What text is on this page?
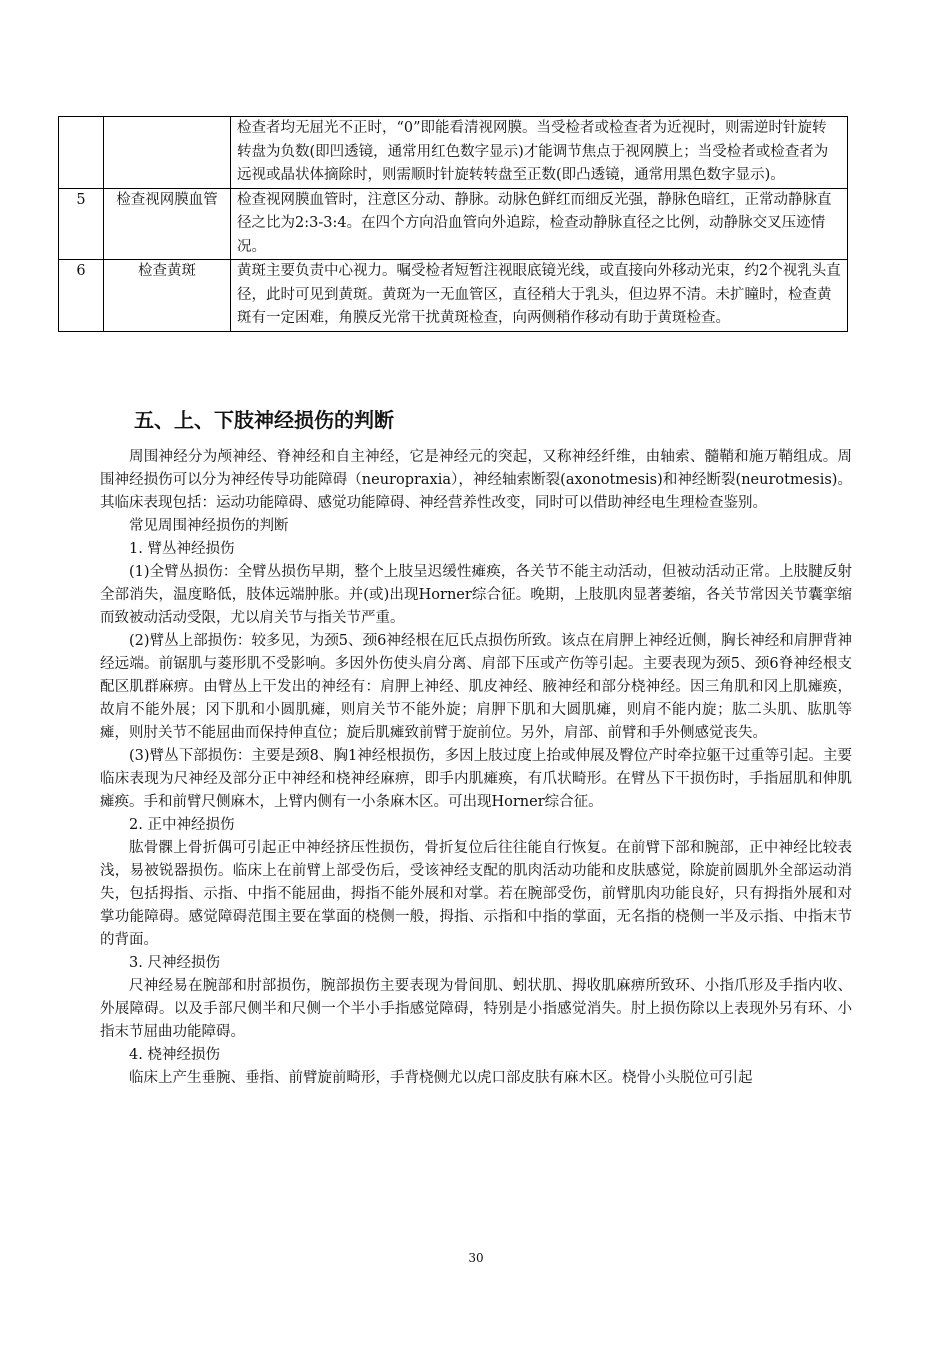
		检查者均无屈光不正时，“0”即能看清视网膜。当受检者或检查者为近视时，则需逆时针旋转转盘为负数(即凹透镜，通常用红色数字显示)才能调节焦点于视网膜上；当受检者或检查者为远视或晶状体摘除时，则需顺时针旋转转盘至正数(即凸透镜，通常用黑色数字显示)。
5	检查视网膜血管	检查视网膜血管时，注意区分动、静脉。动脉色鲜红而细反光强，静脉色暗红，正常动静脉直径之比为2:3-3:4。在四个方向沿血管向外追踪，检查动静脉直径之比例，动静脉交叉压迹情况。
6	检查黄斑	黄斑主要负责中心视力。嘱受检者短暂注视眼底镜光线，或直接向外移动光束，约2个视乳头直径，此时可见到黄斑。黄斑为一无血管区，直径稍大于乳头，但边界不清。未扩瞳时，检查黄斑有一定困难，角膜反光常干扰黄斑检查，向两侧稍作移动有助于黄斑检查。
五、上、下肢神经损伤的判断

周围神经分为颅神经、脊神经和自主神经，它是神经元的突起，又称神经纤维，由轴索、髓鞘和施万鞘组成。周围神经损伤可以分为神经传导功能障碍（neuropraxia），神经轴索断裂(axonotmesis)和神经断裂(neurotmesis)。其临床表现包括：运动功能障碍、感觉功能障碍、神经营养性改变，同时可以借助神经电生理检查鉴别。

常见周围神经损伤的判断

1. 臂丛神经损伤

(1)全臂丛损伤：全臂丛损伤早期，整个上肢呈迟缓性瘫痪，各关节不能主动活动，但被动活动正常。上肢腱反射全部消失，温度略低，肢体远端肿胀。并(或)出现Horner综合征。晚期，上肢肌肉显著萎缩，各关节常因关节囊挛缩而致被动活动受限，尤以肩关节与指关节严重。

(2)臂丛上部损伤：较多见，为颈5、颈6神经根在厄氏点损伤所致。该点在肩胛上神经近侧，胸长神经和肩胛背神经远端。前锯肌与菱形肌不受影响。多因外伤使头肩分离、肩部下压或产伤等引起。主要表现为颈5、颈6脊神经根支配区肌群麻痹。由臂丛上干发出的神经有：肩胛上神经、肌皮神经、腋神经和部分桡神经。因三角肌和冈上肌瘫痪，故肩不能外展；冈下肌和小圆肌瘫，则肩关节不能外旋；肩胛下肌和大圆肌瘫，则肩不能内旋；肱二头肌、肱肌等瘫，则肘关节不能屈曲而保持伸直位；旋后肌瘫致前臂于旋前位。另外，肩部、前臂和手外侧感觉丧失。

(3)臂丛下部损伤：主要是颈8、胸1神经根损伤，多因上肢过度上抬或伸展及臀位产时牵拉躯干过重等引起。主要临床表现为尺神经及部分正中神经和桡神经麻痹，即手内肌瘫痪，有爪状畸形。在臂丛下干损伤时，手指屈肌和伸肌瘫痪。手和前臂尺侧麻木，上臂内侧有一小条麻木区。可出现Horner综合征。

2. 正中神经损伤

肱骨髁上骨折偶可引起正中神经挤压性损伤，骨折复位后往往能自行恢复。在前臂下部和腕部，正中神经比较表浅，易被锐器损伤。临床上在前臂上部受伤后，受该神经支配的肌肉活动功能和皮肤感觉，除旋前圆肌外全部运动消失，包括拇指、示指、中指不能屈曲，拇指不能外展和对掌。若在腕部受伤，前臂肌肉功能良好，只有拇指外展和对掌功能障碍。感觉障碍范围主要在掌面的桡侧一般，拇指、示指和中指的掌面，无名指的桡侧一半及示指、中指末节的背面。

3. 尺神经损伤

尺神经易在腕部和肘部损伤，腕部损伤主要表现为骨间肌、蚓状肌、拇收肌麻痹所致环、小指爪形及手指内收、外展障碍。以及手部尺侧半和尺侧一个半小手指感觉障碍，特别是小指感觉消失。肘上损伤除以上表现外另有环、小指末节屈曲功能障碍。

4. 桡神经损伤

临床上产生垂腕、垂指、前臂旋前畸形，手背桡侧尤以虎口部皮肤有麻木区。桡骨小头脱位可引起

30
